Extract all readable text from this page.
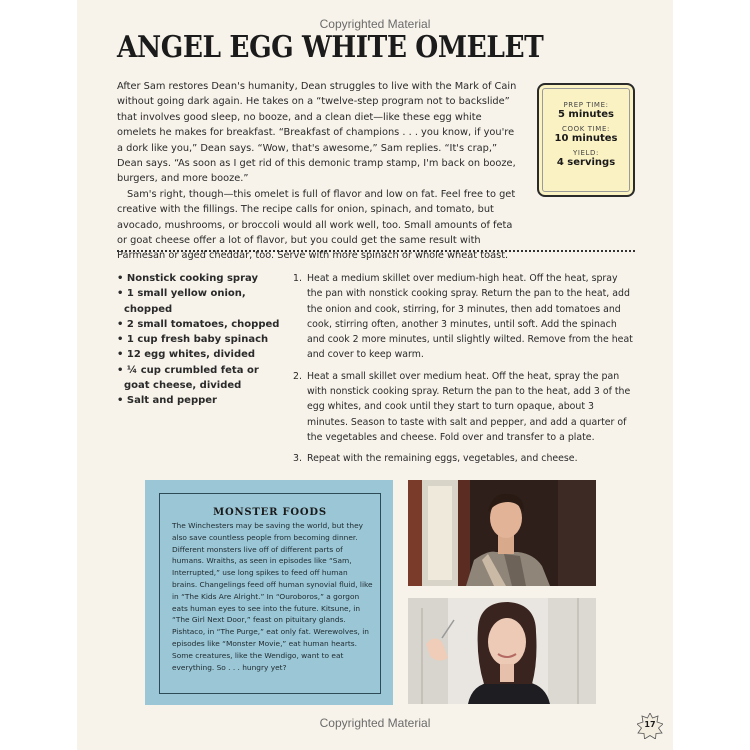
Copyrighted Material
ANGEL EGG WHITE OMELET

After Sam restores Dean's humanity, Dean struggles to live with the Mark of Cain without going dark again. He takes on a “twelve-step program not to backslide” that involves good sleep, no booze, and a clean diet—like these egg white omelets he makes for breakfast. “Breakfast of champions . . . you know, if you're a dork like you,” Dean says. “Wow, that's awesome,” Sam replies. “It's crap,” Dean says. “As soon as I get rid of this demonic tramp stamp, I'm back on booze, burgers, and more booze.”

Sam's right, though—this omelet is full of flavor and low on fat. Feel free to get creative with the fillings. The recipe calls for onion, spinach, and tomato, but avocado, mushrooms, or broccoli would all work well, too. Small amounts of feta or goat cheese offer a lot of flavor, but you could get the same result with Parmesan or aged cheddar, too. Serve with more spinach or whole wheat toast.

PREP TIME:
5 minutes
COOK TIME:
10 minutes
YIELD:
4 servings
• Nonstick cooking spray
• 1 small yellow onion, chopped
• 2 small tomatoes, chopped
• 1 cup fresh baby spinach
• 12 egg whites, divided
• ¼ cup crumbled feta or goat cheese, divided
• Salt and pepper
1. Heat a medium skillet over medium-high heat. Off the heat, spray the pan with nonstick cooking spray. Return the pan to the heat, add the onion and cook, stirring, for 3 minutes, then add tomatoes and cook, stirring often, another 3 minutes, until soft. Add the spinach and cook 2 more minutes, until slightly wilted. Remove from the heat and cover to keep warm.
2. Heat a small skillet over medium heat. Off the heat, spray the pan with nonstick cooking spray. Return the pan to the heat, add 3 of the egg whites, and cook until they start to turn opaque, about 3 minutes. Season to taste with salt and pepper, and add a quarter of the vegetables and cheese. Fold over and transfer to a plate.
3. Repeat with the remaining eggs, vegetables, and cheese.
MONSTER FOODS

The Winchesters may be saving the world, but they also save countless people from becoming dinner. Different monsters live off of different parts of humans. Wraiths, as seen in episodes like “Sam, Interrupted,” use long spikes to feed off human brains. Changelings feed off human synovial fluid, like in “The Kids Are Alright.” In “Ouroboros,” a gorgon eats human eyes to see into the future. Kitsune, in “The Girl Next Door,” feast on pituitary glands. Pishtaco, in “The Purge,” eat only fat. Werewolves, in episodes like “Monster Movie,” eat human hearts. Some creatures, like the Wendigo, want to eat everything. So . . . hungry yet?

17
Copyrighted Material
